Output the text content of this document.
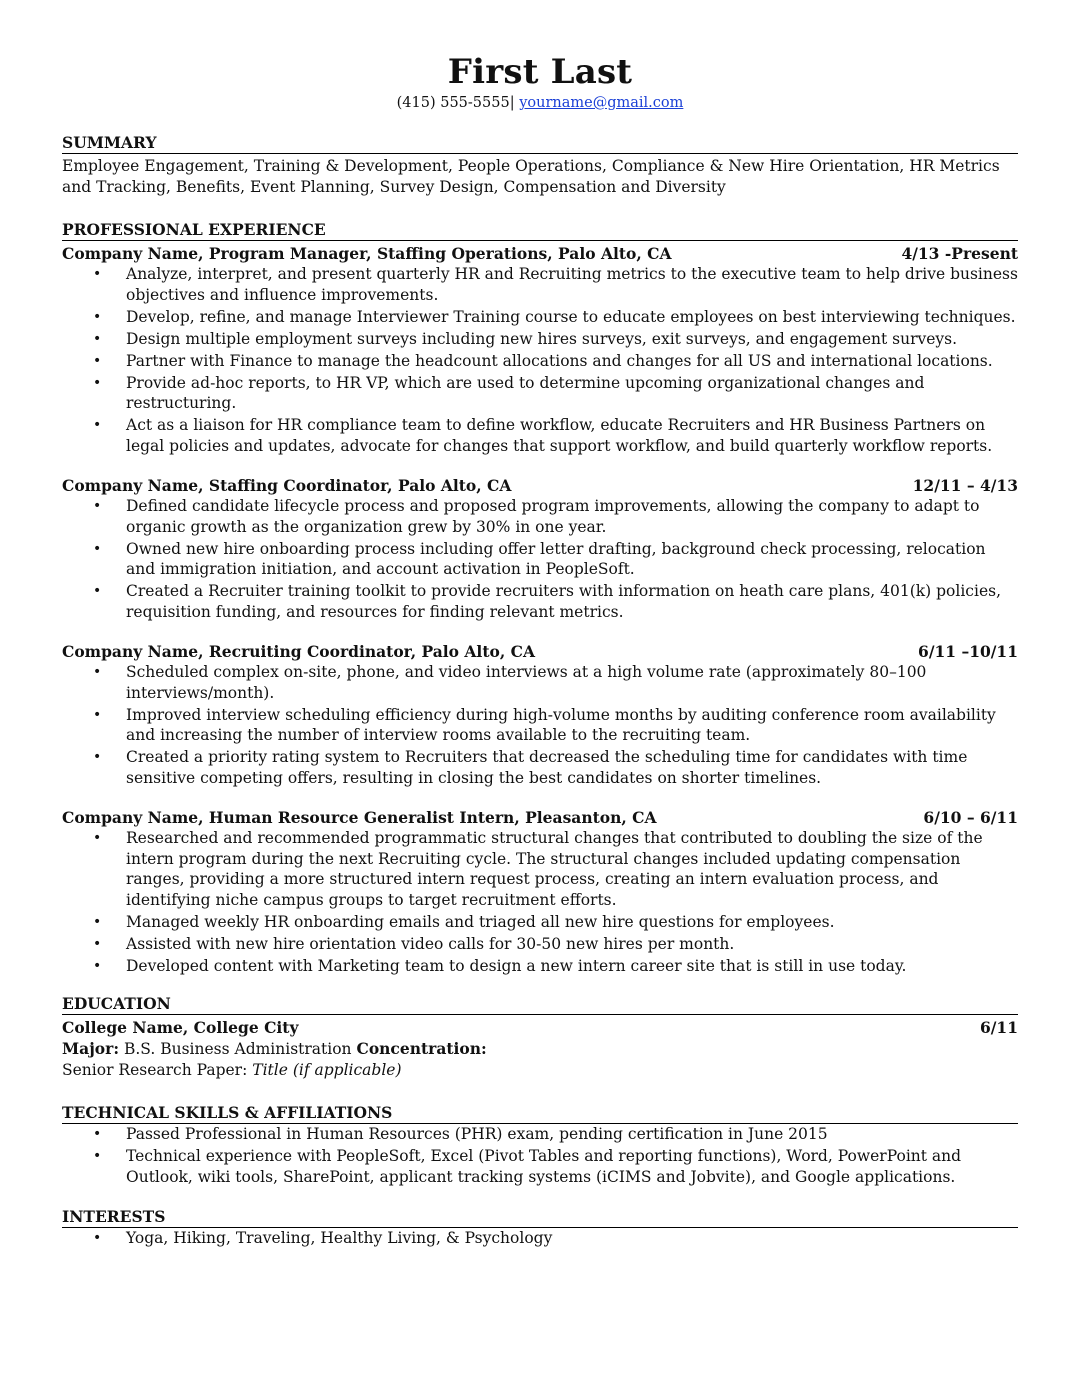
First Last
(415) 555-5555| yourname@gmail.com
SUMMARY
Employee Engagement, Training & Development, People Operations, Compliance & New Hire Orientation, HR Metrics and Tracking, Benefits, Event Planning, Survey Design, Compensation and Diversity
PROFESSIONAL EXPERIENCE
Company Name, Program Manager, Staffing Operations, Palo Alto, CA	4/13 -Present
• Analyze, interpret, and present quarterly HR and Recruiting metrics to the executive team to help drive business objectives and influence improvements.
• Develop, refine, and manage Interviewer Training course to educate employees on best interviewing techniques.
• Design multiple employment surveys including new hires surveys, exit surveys, and engagement surveys.
• Partner with Finance to manage the headcount allocations and changes for all US and international locations.
• Provide ad-hoc reports, to HR VP, which are used to determine upcoming organizational changes and restructuring.
• Act as a liaison for HR compliance team to define workflow, educate Recruiters and HR Business Partners on legal policies and updates, advocate for changes that support workflow, and build quarterly workflow reports.
Company Name, Staffing Coordinator, Palo Alto, CA	12/11 – 4/13
• Defined candidate lifecycle process and proposed program improvements, allowing the company to adapt to organic growth as the organization grew by 30% in one year.
• Owned new hire onboarding process including offer letter drafting, background check processing, relocation and immigration initiation, and account activation in PeopleSoft.
• Created a Recruiter training toolkit to provide recruiters with information on heath care plans, 401(k) policies, requisition funding, and resources for finding relevant metrics.
Company Name, Recruiting Coordinator, Palo Alto, CA	6/11 –10/11
• Scheduled complex on-site, phone, and video interviews at a high volume rate (approximately 80–100 interviews/month).
• Improved interview scheduling efficiency during high-volume months by auditing conference room availability and increasing the number of interview rooms available to the recruiting team.
• Created a priority rating system to Recruiters that decreased the scheduling time for candidates with time sensitive competing offers, resulting in closing the best candidates on shorter timelines.
Company Name, Human Resource Generalist Intern, Pleasanton, CA	6/10 – 6/11
• Researched and recommended programmatic structural changes that contributed to doubling the size of the intern program during the next Recruiting cycle. The structural changes included updating compensation ranges, providing a more structured intern request process, creating an intern evaluation process, and identifying niche campus groups to target recruitment efforts.
• Managed weekly HR onboarding emails and triaged all new hire questions for employees.
• Assisted with new hire orientation video calls for 30-50 new hires per month.
• Developed content with Marketing team to design a new intern career site that is still in use today.
EDUCATION
College Name, College City	6/11
Major: B.S. Business Administration Concentration:
Senior Research Paper: Title (if applicable)
TECHNICAL SKILLS & AFFILIATIONS
• Passed Professional in Human Resources (PHR) exam, pending certification in June 2015
• Technical experience with PeopleSoft, Excel (Pivot Tables and reporting functions), Word, PowerPoint and Outlook, wiki tools, SharePoint, applicant tracking systems (iCIMS and Jobvite), and Google applications.
INTERESTS
• Yoga, Hiking, Traveling, Healthy Living, & Psychology
